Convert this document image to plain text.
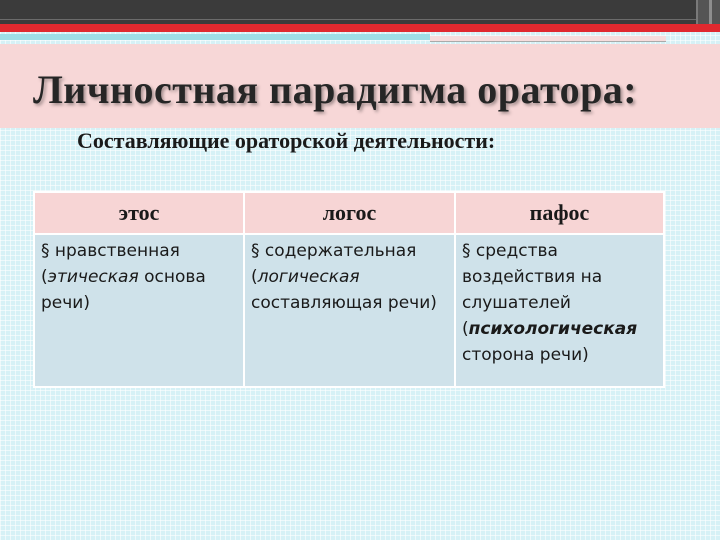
Личностная парадигма оратора:

Составляющие ораторской деятельности:

этос	логос	пафос
§ нравственная (этическая основа речи)	§ содержательная (логическая составляющая речи)	§ средства воздействия на слушателей (психологическая сторона речи)
